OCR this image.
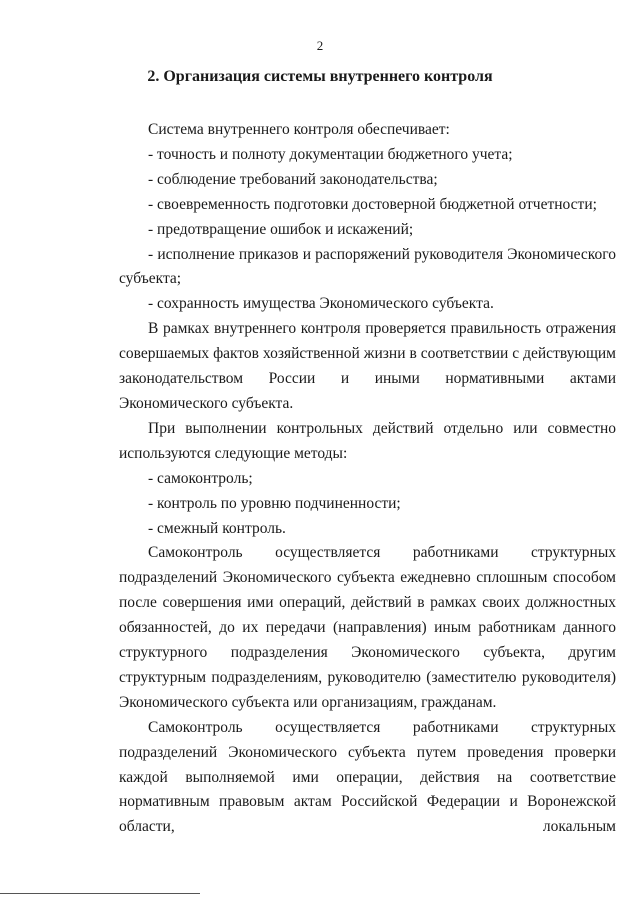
2
2. Организация системы внутреннего контроля

Система внутреннего контроля обеспечивает:

- точность и полноту документации бюджетного учета;

- соблюдение требований законодательства;

- своевременность подготовки достоверной бюджетной отчетности;

- предотвращение ошибок и искажений;

- исполнение приказов и распоряжений руководителя Экономического субъекта;

- сохранность имущества Экономического субъекта.

В рамках внутреннего контроля проверяется правильность отражения совершаемых фактов хозяйственной жизни в соответствии с действующим законодательством России и иными нормативными актами Экономического субъекта.

При выполнении контрольных действий отдельно или совместно используются следующие методы:

- самоконтроль;

- контроль по уровню подчиненности;

- смежный контроль.

Самоконтроль осуществляется работниками структурных подразделений Экономического субъекта ежедневно сплошным способом после совершения ими операций, действий в рамках своих должностных обязанностей, до их передачи (направления) иным работникам данного структурного подразделения Экономического субъекта, другим структурным подразделениям, руководителю (заместителю руководителя) Экономического субъекта или организациям, гражданам.

Самоконтроль осуществляется работниками структурных подразделений Экономического субъекта путем проведения проверки каждой выполняемой ими операции, действия на соответствие нормативным правовым актам Российской Федерации и Воронежской области, локальным
